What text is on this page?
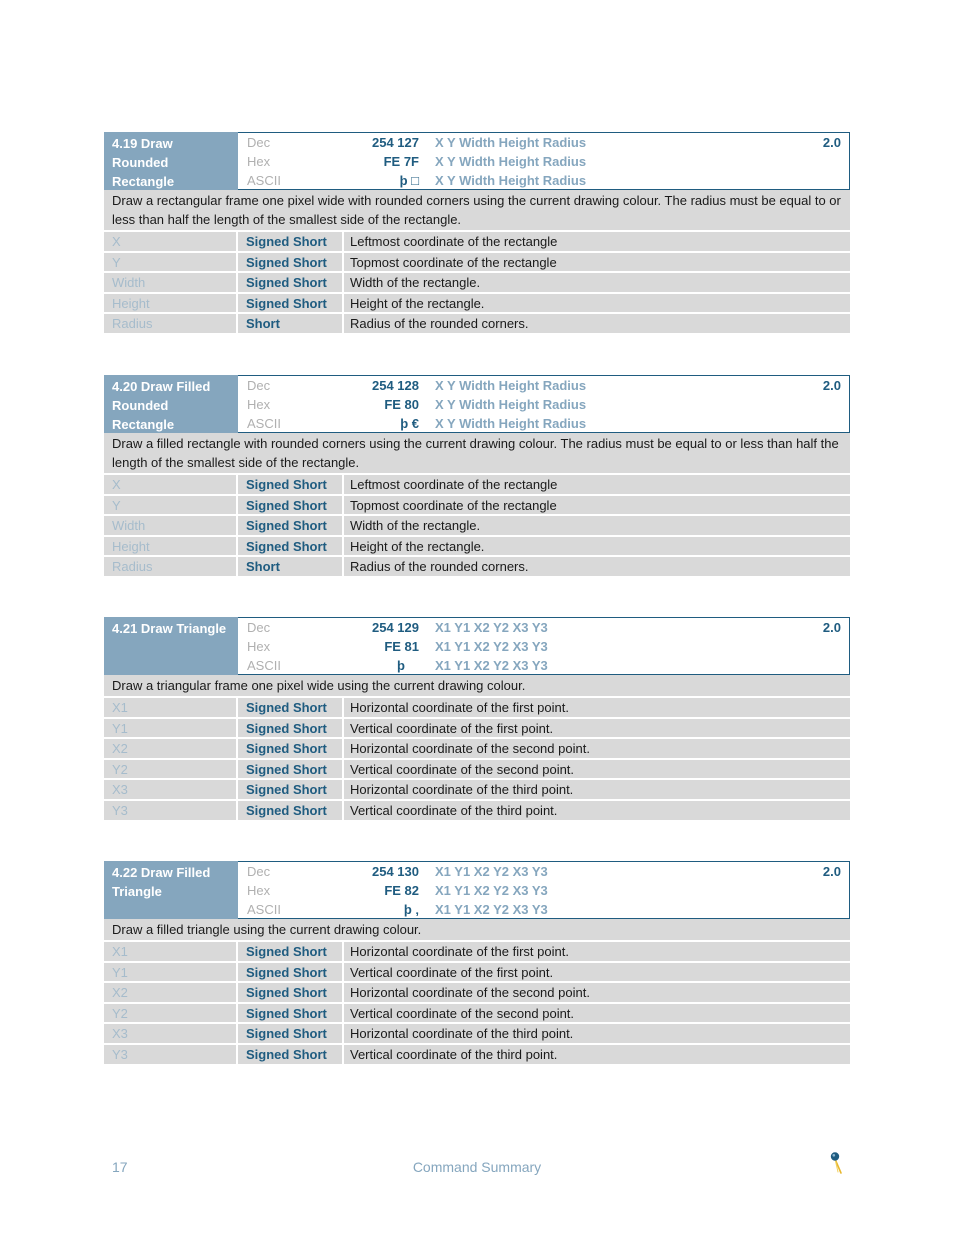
4.19 Draw Rounded Rectangle
Dec	254 127 X Y Width Height Radius
Hex	FE 7F X Y Width Height Radius
ASCII	þ □ X Y Width Height Radius
2.0
Draw a rectangular frame one pixel wide with rounded corners using the current drawing colour. The radius must be equal to or less than half the length of the smallest side of the rectangle.
X	Signed Short	Leftmost coordinate of the rectangle
Y	Signed Short	Topmost coordinate of the rectangle
Width	Signed Short	Width of the rectangle.
Height	Signed Short	Height of the rectangle.
Radius	Short	Radius of the rounded corners.
4.20 Draw Filled Rounded Rectangle
Dec	254 128 X Y Width Height Radius
Hex	FE 80 X Y Width Height Radius
ASCII	þ € X Y Width Height Radius
2.0
Draw a filled rectangle with rounded corners using the current drawing colour. The radius must be equal to or less than half the length of the smallest side of the rectangle.
X	Signed Short	Leftmost coordinate of the rectangle
Y	Signed Short	Topmost coordinate of the rectangle
Width	Signed Short	Width of the rectangle.
Height	Signed Short	Height of the rectangle.
Radius	Short	Radius of the rounded corners.
4.21 Draw Triangle	Dec	254 129 X1 Y1 X2 Y2 X3 Y3
Hex	FE 81 X1 Y1 X2 Y2 X3 Y3
ASCII	þ  X1 Y1 X2 Y2 X3 Y3
2.0
Draw a triangular frame one pixel wide using the current drawing colour.
X1	Signed Short	Horizontal coordinate of the first point.
Y1	Signed Short	Vertical coordinate of the first point.
X2	Signed Short	Horizontal coordinate of the second point.
Y2	Signed Short	Vertical coordinate of the second point.
X3	Signed Short	Horizontal coordinate of the third point.
Y3	Signed Short	Vertical coordinate of the third point.
4.22 Draw Filled Triangle
Dec	254 130 X1 Y1 X2 Y2 X3 Y3
Hex	FE 82 X1 Y1 X2 Y2 X3 Y3
ASCII	þ ‚ X1 Y1 X2 Y2 X3 Y3
2.0
Draw a filled triangle using the current drawing colour.
X1	Signed Short	Horizontal coordinate of the first point.
Y1	Signed Short	Vertical coordinate of the first point.
X2	Signed Short	Horizontal coordinate of the second point.
Y2	Signed Short	Vertical coordinate of the second point.
X3	Signed Short	Horizontal coordinate of the third point.
Y3	Signed Short	Vertical coordinate of the third point.
17	Command Summary
